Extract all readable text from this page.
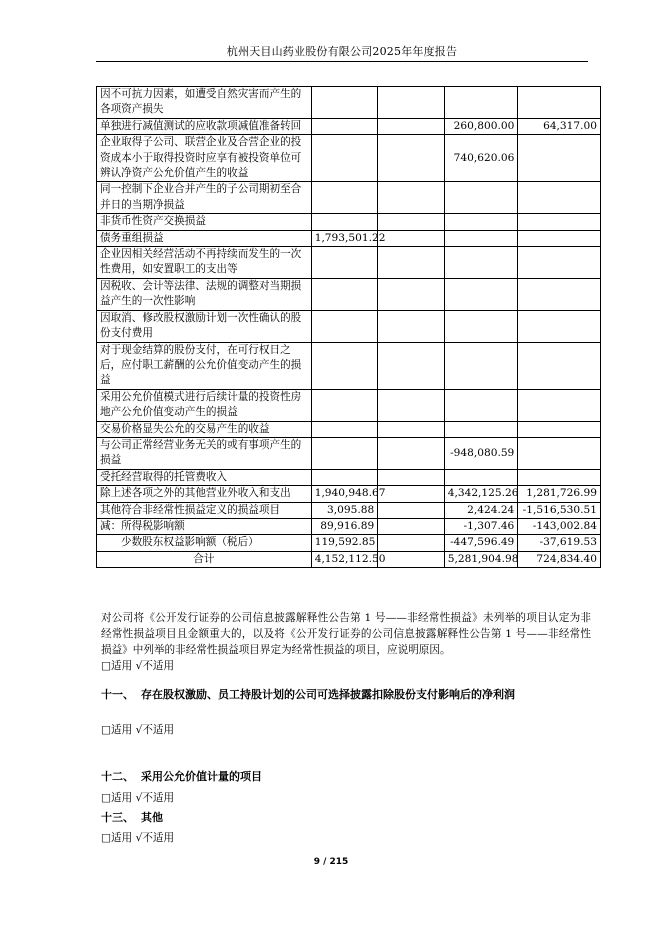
杭州天目山药业股份有限公司2025年年度报告
因不可抗力因素，如遭受自然灾害而产生的各项资产损失				
单独进行减值测试的应收款项减值准备转回			260,800.00	64,317.00
企业取得子公司、联营企业及合营企业的投资成本小于取得投资时应享有被投资单位可辨认净资产公允价值产生的收益			740,620.06	
同一控制下企业合并产生的子公司期初至合并日的当期净损益				
非货币性资产交换损益				
债务重组损益	1,793,501.22			
企业因相关经营活动不再持续而发生的一次性费用，如安置职工的支出等				
因税收、会计等法律、法规的调整对当期损益产生的一次性影响				
因取消、修改股权激励计划一次性确认的股份支付费用				
对于现金结算的股份支付，在可行权日之后，应付职工薪酬的公允价值变动产生的损益				
采用公允价值模式进行后续计量的投资性房地产公允价值变动产生的损益				
交易价格显失公允的交易产生的收益				
与公司正常经营业务无关的或有事项产生的损益			-948,080.59	
受托经营取得的托管费收入				
除上述各项之外的其他营业外收入和支出	1,940,948.67		4,342,125.26	1,281,726.99
其他符合非经常性损益定义的损益项目	3,095.88		2,424.24	-1,516,530.51
减：所得税影响额	89,916.89		-1,307.46	-143,002.84
少数股东权益影响额（税后）	119,592.85		-447,596.49	-37,619.53
合计	4,152,112.50		5,281,904.98	724,834.40
对公司将《公开发行证券的公司信息披露解释性公告第 1 号——非经常性损益》未列举的项目认定为非经常性损益项目且金额重大的，以及将《公开发行证券的公司信息披露解释性公告第 1 号——非经常性损益》中列举的非经常性损益项目界定为经常性损益的项目，应说明原因。
□适用 √不适用
十一、 存在股权激励、员工持股计划的公司可选择披露扣除股份支付影响后的净利润
□适用 √不适用
十二、 采用公允价值计量的项目
□适用 √不适用
十三、 其他
□适用 √不适用
9 / 215
